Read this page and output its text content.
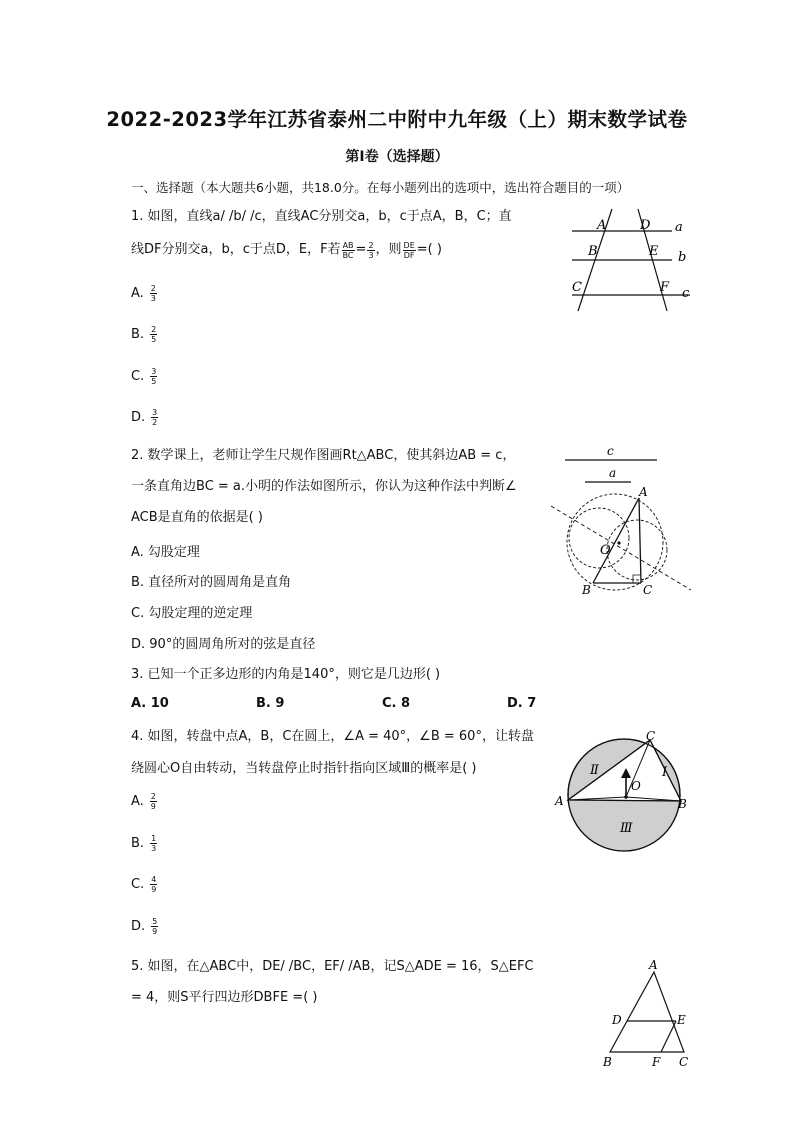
2022-2023学年江苏省泰州二中附中九年级（上）期末数学试卷
第Ⅰ卷（选择题）
一、选择题（本大题共6小题，共18.0分。在每小题列出的选项中，选出符合题目的一项）
1. 如图，直线a/ /b/ /c，直线AC分别交a，b，c于点A，B，C；直
线DF分别交a，b，c于点D，E，F若 $\frac{AB}{BC} = \frac{2}{3}$ ，则 $\frac{DE}{DF}$ =( )
A. $\frac{2}{3}$
B. $\frac{2}{5}$
C. $\frac{3}{5}$
D. $\frac{3}{2}$
A	D a
B	E b
C	F c
2. 数学课上，老师让学生尺规作图画Rt△ABC，使其斜边AB = c，
一条直角边BC = a.小明的作法如图所示，你认为这种作法中判断∠
ACB是直角的依据是( )
A. 勾股定理
B. 直径所对的圆周角是直角
C. 勾股定理的逆定理
D. 90°的圆周角所对的弦是直径
c
a
A
O
B	C
3. 已知一个正多边形的内角是140°，则它是几边形( )
A. 10	B. 9	C. 8	D. 7
4. 如图，转盘中点A，B，C在圆上，∠A = 40°，∠B = 60°，让转盘
绕圆心O自由转动，当转盘停止时指针指向区域Ⅲ的概率是( )
A. $\frac{2}{9}$
B. $\frac{1}{3}$
C. $\frac{4}{9}$
D. $\frac{5}{9}$
C
Ⅱ	Ⅰ
O
A	B
Ⅲ
5. 如图，在△ABC中，DE/ /BC，EF/ /AB，记S△ADE = 16，S△EFC
= 4，则S平行四边形DBFE =( )
A
D	E
B	F C
